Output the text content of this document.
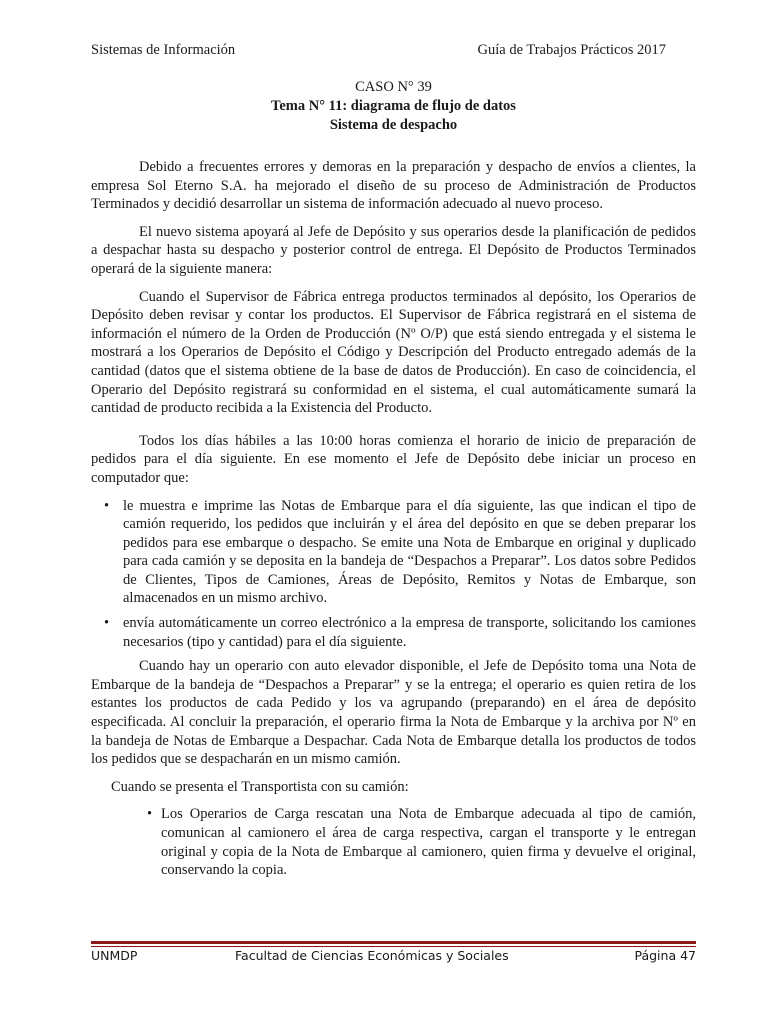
Sistemas de Información	Guía de Trabajos Prácticos 2017
CASO N° 39
Tema N° 11: diagrama de flujo de datos
Sistema de despacho

Debido a frecuentes errores y demoras en la preparación y despacho de envíos a clientes, la empresa Sol Eterno S.A. ha mejorado el diseño de su proceso de Administración de Productos Terminados y decidió desarrollar un sistema de información adecuado al nuevo proceso.

El nuevo sistema apoyará al Jefe de Depósito y sus operarios desde la planificación de pedidos a despachar hasta su despacho y posterior control de entrega. El Depósito de Productos Terminados operará de la siguiente manera:

Cuando el Supervisor de Fábrica entrega productos terminados al depósito, los Operarios de Depósito deben revisar y contar los productos. El Supervisor de Fábrica registrará en el sistema de información el número de la Orden de Producción (Nº O/P) que está siendo entregada y el sistema le mostrará a los Operarios de Depósito el Código y Descripción del Producto entregado además de la cantidad (datos que el sistema obtiene de la base de datos de Producción). En caso de coincidencia, el Operario del Depósito registrará su conformidad en el sistema, el cual automáticamente sumará la cantidad de producto recibida a la Existencia del Producto.

Todos los días hábiles a las 10:00 horas comienza el horario de inicio de preparación de pedidos para el día siguiente. En ese momento el Jefe de Depósito debe iniciar un proceso en computador que:

• le muestra e imprime las Notas de Embarque para el día siguiente, las que indican el tipo de camión requerido, los pedidos que incluirán y el área del depósito en que se deben preparar los pedidos para ese embarque o despacho. Se emite una Nota de Embarque en original y duplicado para cada camión y se deposita en la bandeja de “Despachos a Preparar”. Los datos sobre Pedidos de Clientes, Tipos de Camiones, Áreas de Depósito, Remitos y Notas de Embarque, son almacenados en un mismo archivo.
• envía automáticamente un correo electrónico a la empresa de transporte, solicitando los camiones necesarios (tipo y cantidad) para el día siguiente.

Cuando hay un operario con auto elevador disponible, el Jefe de Depósito toma una Nota de Embarque de la bandeja de “Despachos a Preparar” y se la entrega; el operario es quien retira de los estantes los productos de cada Pedido y los va agrupando (preparando) en el área de depósito especificada. Al concluir la preparación, el operario firma la Nota de Embarque y la archiva por Nº en la bandeja de Notas de Embarque a Despachar. Cada Nota de Embarque detalla los productos de todos los pedidos que se despacharán en un mismo camión.

Cuando se presenta el Transportista con su camión:

• Los Operarios de Carga rescatan una Nota de Embarque adecuada al tipo de camión, comunican al camionero el área de carga respectiva, cargan el transporte y le entregan original y copia de la Nota de Embarque al camionero, quien firma y devuelve el original, conservando la copia.
UNMDP	Facultad de Ciencias Económicas y Sociales	Página 47
